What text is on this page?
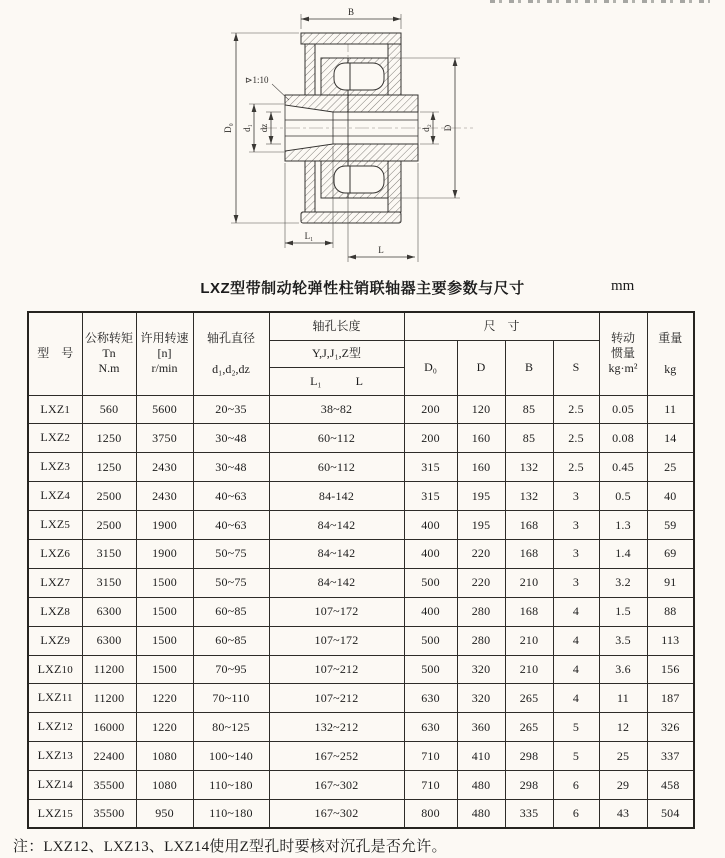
B
D₀ d₁ dz	d₂ D
L₁
L
⊳1:10
LXZ型带制动轮弹性柱销联轴器主要参数与尺寸	mm
型　号

公称转矩Tn
N.m

许用转速
[n]
r/min

轴孔直径
d₁,d₂,dz
	轴孔长度	尺　寸	
转动
惯量
kg·m²

重量
kg

				Y,J,J₁,Z型	D₀	D	B	S		

				L₁ L						

LXZ1	560	5600	20~35	38~82	200	120	85	2.5	0.05	11
LXZ2	1250	3750	30~48	60~112	200	160	85	2.5	0.08	14
LXZ3	1250	2430	30~48	60~112	315	160	132	2.5	0.45	25
LXZ4	2500	2430	40~63	84-142	315	195	132	3	0.5	40
LXZ5	2500	1900	40~63	84~142	400	195	168	3	1.3	59
LXZ6	3150	1900	50~75	84~142	400	220	168	3	1.4	69
LXZ7	3150	1500	50~75	84~142	500	220	210	3	3.2	91
LXZ8	6300	1500	60~85	107~172	400	280	168	4	1.5	88
LXZ9	6300	1500	60~85	107~172	500	280	210	4	3.5	113
LXZ10	11200	1500	70~95	107~212	500	320	210	4	3.6	156
LXZ11	11200	1220	70~110	107~212	630	320	265	4	11	187
LXZ12	16000	1220	80~125	132~212	630	360	265	5	12	326
LXZ13	22400	1080	100~140	167~252	710	410	298	5	25	337
LXZ14	35500	1080	110~180	167~302	710	480	298	6	29	458
LXZ15	35500	950	110~180	167~302	800	480	335	6	43	504
注：LXZ12、LXZ13、LXZ14使用Z型孔时要核对沉孔是否允许。
